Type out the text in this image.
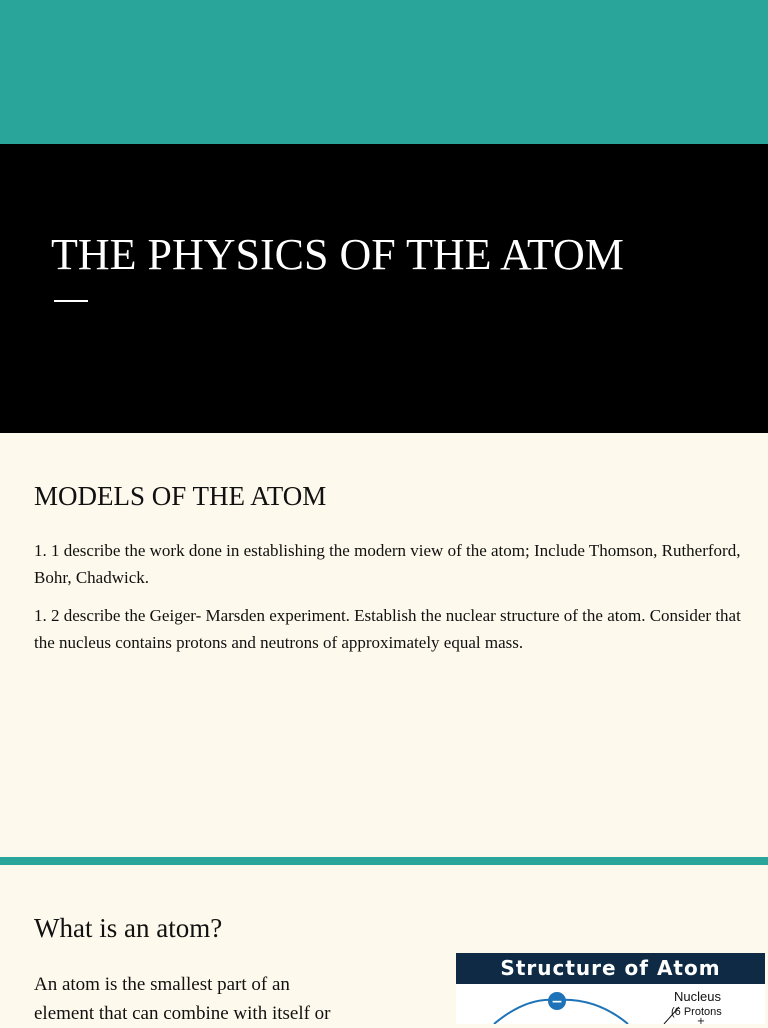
THE PHYSICS OF THE ATOM
MODELS OF THE ATOM

1. 1 describe the work done in establishing the modern view of the atom; Include Thomson, Rutherford, Bohr, Chadwick.

1. 2 describe the Geiger- Marsden experiment. Establish the nuclear structure of the atom. Consider that the nucleus contains protons and neutrons of approximately equal mass.

What is an atom?

An atom is the smallest part of an
element that can combine with itself or

Structure of Atom
−
+
Nucleus
(6 Protons
